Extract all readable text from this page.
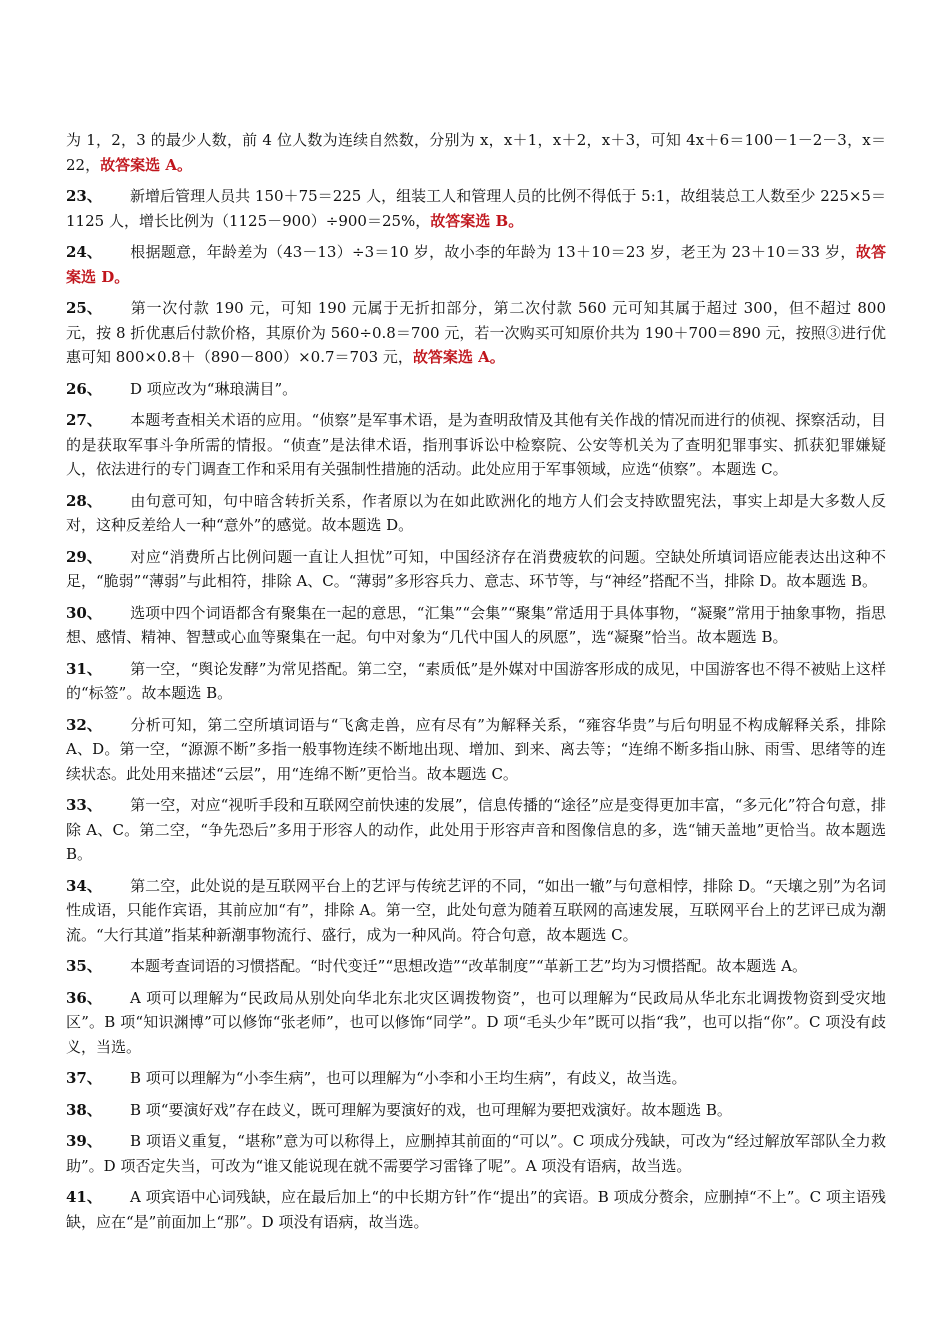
为 1，2，3 的最少人数，前 4 位人数为连续自然数，分别为 x，x＋1，x＋2，x＋3，可知 4x＋6＝100－1－2－3，x＝22，故答案选 A。

23、 新增后管理人员共 150＋75＝225 人，组装工人和管理人员的比例不得低于 5:1，故组装总工人数至少 225×5＝1125 人，增长比例为（1125－900）÷900＝25%，故答案选 B。

24、 根据题意，年龄差为（43－13）÷3＝10 岁，故小李的年龄为 13＋10＝23 岁，老王为 23＋10＝33 岁，故答案选 D。

25、 第一次付款 190 元，可知 190 元属于无折扣部分，第二次付款 560 元可知其属于超过 300，但不超过 800 元，按 8 折优惠后付款价格，其原价为 560÷0.8＝700 元，若一次购买可知原价共为 190＋700＝890 元，按照③进行优惠可知 800×0.8＋（890－800）×0.7＝703 元，故答案选 A。

26、 D 项应改为“琳琅满目”。

27、 本题考查相关术语的应用。“侦察”是军事术语，是为查明敌情及其他有关作战的情况而进行的侦视、探察活动，目的是获取军事斗争所需的情报。“侦查”是法律术语，指刑事诉讼中检察院、公安等机关为了查明犯罪事实、抓获犯罪嫌疑人，依法进行的专门调查工作和采用有关强制性措施的活动。此处应用于军事领域，应选“侦察”。本题选 C。

28、 由句意可知，句中暗含转折关系，作者原以为在如此欧洲化的地方人们会支持欧盟宪法，事实上却是大多数人反对，这种反差给人一种“意外”的感觉。故本题选 D。

29、 对应“消费所占比例问题一直让人担忧”可知，中国经济存在消费疲软的问题。空缺处所填词语应能表达出这种不足，“脆弱”“薄弱”与此相符，排除 A、C。“薄弱”多形容兵力、意志、环节等，与“神经”搭配不当，排除 D。故本题选 B。

30、 选项中四个词语都含有聚集在一起的意思，“汇集”“会集”“聚集”常适用于具体事物，“凝聚”常用于抽象事物，指思想、感情、精神、智慧或心血等聚集在一起。句中对象为“几代中国人的夙愿”，选“凝聚”恰当。故本题选 B。

31、 第一空，“舆论发酵”为常见搭配。第二空，“素质低”是外媒对中国游客形成的成见，中国游客也不得不被贴上这样的“标签”。故本题选 B。

32、 分析可知，第二空所填词语与“飞禽走兽，应有尽有”为解释关系，“雍容华贵”与后句明显不构成解释关系，排除 A、D。第一空，“源源不断”多指一般事物连续不断地出现、增加、到来、离去等；“连绵不断多指山脉、雨雪、思绪等的连续状态。此处用来描述“云层”，用“连绵不断”更恰当。故本题选 C。

33、 第一空，对应“视听手段和互联网空前快速的发展”，信息传播的“途径”应是变得更加丰富，“多元化”符合句意，排除 A、C。第二空，“争先恐后”多用于形容人的动作，此处用于形容声音和图像信息的多，选“铺天盖地”更恰当。故本题选 B。

34、 第二空，此处说的是互联网平台上的艺评与传统艺评的不同，“如出一辙”与句意相悖，排除 D。“天壤之别”为名词性成语，只能作宾语，其前应加“有”，排除 A。第一空，此处句意为随着互联网的高速发展，互联网平台上的艺评已成为潮流。“大行其道”指某种新潮事物流行、盛行，成为一种风尚。符合句意，故本题选 C。

35、 本题考查词语的习惯搭配。“时代变迁”“思想改造”“改革制度”“革新工艺”均为习惯搭配。故本题选 A。

36、 A 项可以理解为“民政局从别处向华北东北灾区调拨物资”，也可以理解为“民政局从华北东北调拨物资到受灾地区”。B 项“知识渊博”可以修饰“张老师”，也可以修饰“同学”。D 项“毛头少年”既可以指“我”，也可以指“你”。C 项没有歧义，当选。

37、 B 项可以理解为“小李生病”，也可以理解为“小李和小王均生病”，有歧义，故当选。

38、 B 项“要演好戏”存在歧义，既可理解为要演好的戏，也可理解为要把戏演好。故本题选 B。

39、 B 项语义重复，“堪称”意为可以称得上，应删掉其前面的“可以”。C 项成分残缺，可改为“经过解放军部队全力救助”。D 项否定失当，可改为“谁又能说现在就不需要学习雷锋了呢”。A 项没有语病，故当选。

41、 A 项宾语中心词残缺，应在最后加上“的中长期方针”作“提出”的宾语。B 项成分赘余，应删掉“不上”。C 项主语残缺，应在“是”前面加上“那”。D 项没有语病，故当选。
